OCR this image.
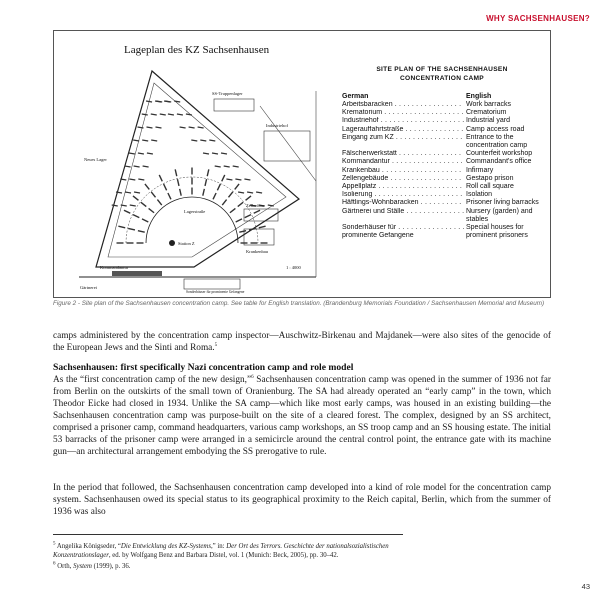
WHY SACHSENHAUSEN?
Lageplan des KZ Sachsenhausen
Industriehof
SS-Truppenlager
Lagerstraße
Zellenbau
Station Z
Kommandantur
Krankenbau
Gärtnerei
Sonderhäuser für prominente Gefangene
Neues Lager
1 : 4000
SITE PLAN OF THE SACHSENHAUSEN
CONCENTRATION CAMP
German	English
Arbeitsbaracken . . .	Work barracks
Krematorium . . .	Crematorium
Industriehof . . .	Industrial yard
Lagerauffahrtstraße . . .	Camp access road
Eingang zum KZ . . .	Entrance to the
concentration camp
Fälscherwerkstatt . . .	Counterfeit workshop
Kommandantur . . .	Commandant's office
Krankenbau . . .	Infirmary
Zellengebäude . . .	Gestapo prison
Appellplatz . . .	Roll call square
Isolierung . . .	Isolation
Häftlings-Wohnbaracken . . .	Prisoner living barracks
Gärtnerei und Ställe . . .	Nursery (garden) and
stables
Sonderhäuser für . . .	Special houses for
prominente Gefangene	prominent prisoners
Figure 2 - Site plan of the Sachsenhausen concentration camp. See table for English translation. (Brandenburg Memorials Foundation / Sachsenhausen Memorial and Museum)

camps administered by the concentration camp inspector—Auschwitz-Birkenau and Majdanek—were also sites of the genocide of the European Jews and the Sinti and Roma.$^5$

Sachsenhausen: first specifically Nazi concentration camp and role model

As the “first concentration camp of the new design,”$^6$ Sachsenhausen concentration camp was opened in the summer of 1936 not far from Berlin on the outskirts of the small town of Oranienburg. The SA had already operated an “early camp” in the town, which Theodor Eicke had closed in 1934. Unlike the SA camp—which like most early camps, was housed in an existing building—the Sachsenhausen concentration camp was purpose-built on the site of a cleared forest. The complex, designed by an SS architect, comprised a prisoner camp, command headquarters, various camp workshops, an SS troop camp and an SS housing estate. The initial 53 barracks of the prisoner camp were arranged in a semicircle around the central control point, the entrance gate with its machine gun—an architectural arrangement embodying the SS prerogative to rule.

In the period that followed, the Sachsenhausen concentration camp developed into a kind of role model for the concentration camp system. Sachsenhausen owed its special status to its geographical proximity to the Reich capital, Berlin, which from the summer of 1936 was also

$^5$ Angelika Königseder, “Die Entwicklung des KZ-Systems,” in: Der Ort des Terrors. Geschichte der nationalsozialistischen Konzentrationslager, ed. by Wolfgang Benz and Barbara Distel, vol. 1 (Munich: Beck, 2005), pp. 30–42.

$^6$ Orth, System (1999), p. 36.

43
